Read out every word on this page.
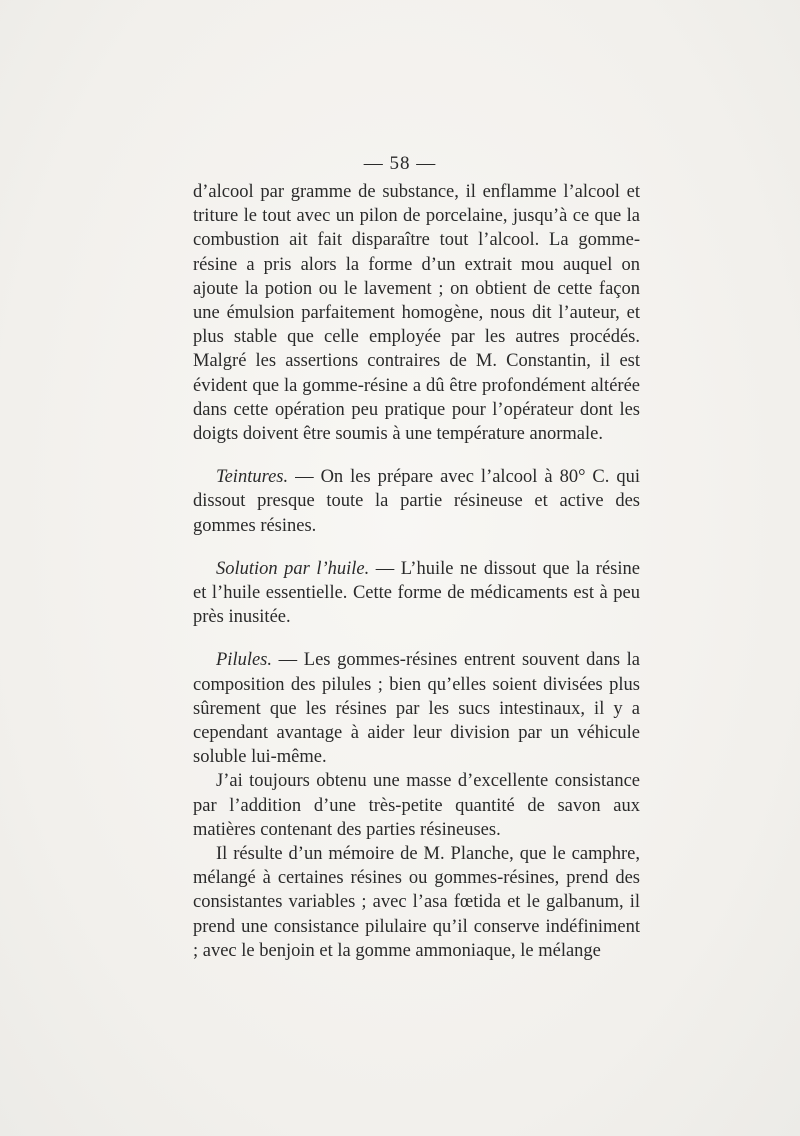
— 58 —

d’alcool par gramme de substance, il enflamme l’alcool et triture le tout avec un pilon de porcelaine, jusqu’à ce que la combustion ait fait disparaître tout l’alcool. La gomme-résine a pris alors la forme d’un extrait mou auquel on ajoute la potion ou le lavement ; on obtient de cette façon une émulsion parfaitement homogène, nous dit l’auteur, et plus stable que celle employée par les autres procédés. Malgré les assertions contraires de M. Constantin, il est évident que la gomme-résine a dû être profondément altérée dans cette opération peu pratique pour l’opérateur dont les doigts doivent être soumis à une température anormale.

Teintures. — On les prépare avec l’alcool à 80° C. qui dissout presque toute la partie résineuse et active des gommes résines.

Solution par l’huile. — L’huile ne dissout que la résine et l’huile essentielle. Cette forme de médicaments est à peu près inusitée.

Pilules. — Les gommes-résines entrent souvent dans la composition des pilules ; bien qu’elles soient divisées plus sûrement que les résines par les sucs intestinaux, il y a cependant avantage à aider leur division par un véhicule soluble lui-même.

J’ai toujours obtenu une masse d’excellente consistance par l’addition d’une très-petite quantité de savon aux matières contenant des parties résineuses.

Il résulte d’un mémoire de M. Planche, que le camphre, mélangé à certaines résines ou gommes-résines, prend des consistantes variables ; avec l’asa fœtida et le galbanum, il prend une consistance pilulaire qu’il conserve indéfiniment ; avec le benjoin et la gomme ammoniaque, le mélange
